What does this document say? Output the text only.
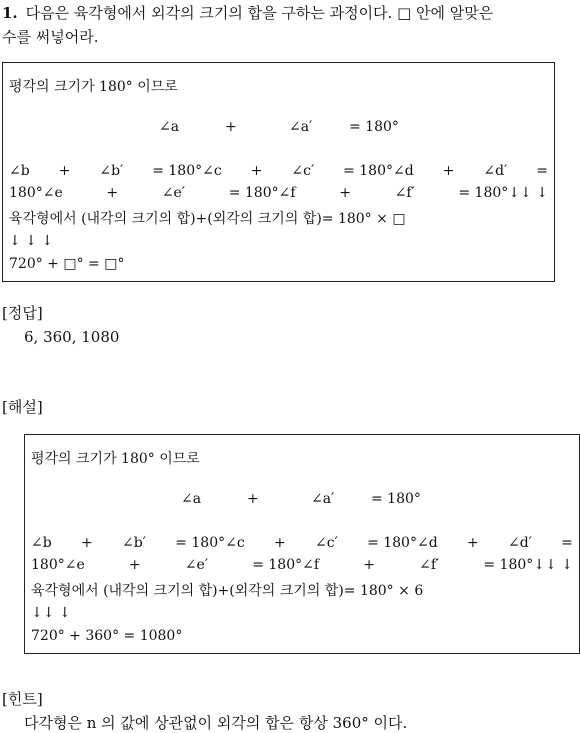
1. 다음은 육각형에서 외각의 크기의 합을 구하는 과정이다. □ 안에 알맞은
수를 써넣어라.
평각의 크기가 180° 이므로
∠a	+	∠a′	= 180°
∠b + ∠b′ = 180°∠c + ∠c′ = 180°∠d + ∠d′ =
180°∠e	+	∠e′	= 180°∠f	+	∠f′	= 180°↓↓ ↓
육각형에서 (내각의 크기의 합)+(외각의 크기의 합)= 180° × □
↓ ↓ ↓
720° + □° = □°
[정답]
6, 360, 1080
[해설]
평각의 크기가 180° 이므로
∠a	+	∠a′	= 180°
∠b + ∠b′ = 180°∠c + ∠c′ = 180°∠d + ∠d′ =
180°∠e	+	∠e′	= 180°∠f	+	∠f′	= 180°↓↓ ↓
육각형에서 (내각의 크기의 합)+(외각의 크기의 합)= 180° × 6
↓↓ ↓
720° + 360° = 1080°
[힌트]
다각형은 n 의 값에 상관없이 외각의 합은 항상 360° 이다.
